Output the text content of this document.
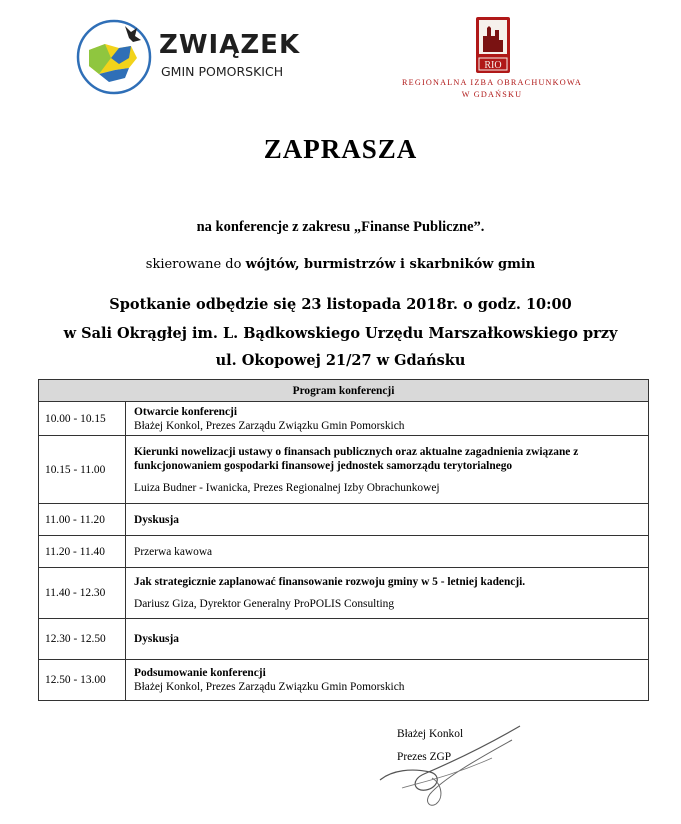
ZWIĄZEK
GMIN POMORSKICH	RIO
REGIONALNA IZBA OBRACHUNKOWA
W GDAŃSKU
ZAPRASZA
na konferencje z zakresu „Finanse Publiczne”.
skierowane do wójtów, burmistrzów i skarbników gmin
Spotkanie odbędzie się 23 listopada 2018r. o godz. 10:00
w Sali Okrągłej im. L. Bądkowskiego Urzędu Marszałkowskiego przy
ul. Okopowej 21/27 w Gdańsku
Program konferencji	
10.00 - 10.15	Otwarcie konferencji
Błażej Konkol, Prezes Zarządu Związku Gmin Pomorskich

10.15 - 11.00	Kierunki nowelizacji ustawy o finansach publicznych oraz aktualne zagadnienia związane z funkcjonowaniem gospodarki finansowej jednostek samorządu terytorialnego
Luiza Budner - Iwanicka, Prezes Regionalnej Izby Obrachunkowej

11.00 - 11.20	Dyskusja

11.20 - 11.40	Przerwa kawowa

11.40 - 12.30	Jak strategicznie zaplanować finansowanie rozwoju gminy w 5 - letniej kadencji.
Dariusz Giza, Dyrektor Generalny ProPOLIS Consulting

12.30 - 12.50	Dyskusja

12.50 - 13.00	Podsumowanie konferencji
Błażej Konkol, Prezes Zarządu Związku Gmin Pomorskich
Błażej Konkol
Prezes ZGP
